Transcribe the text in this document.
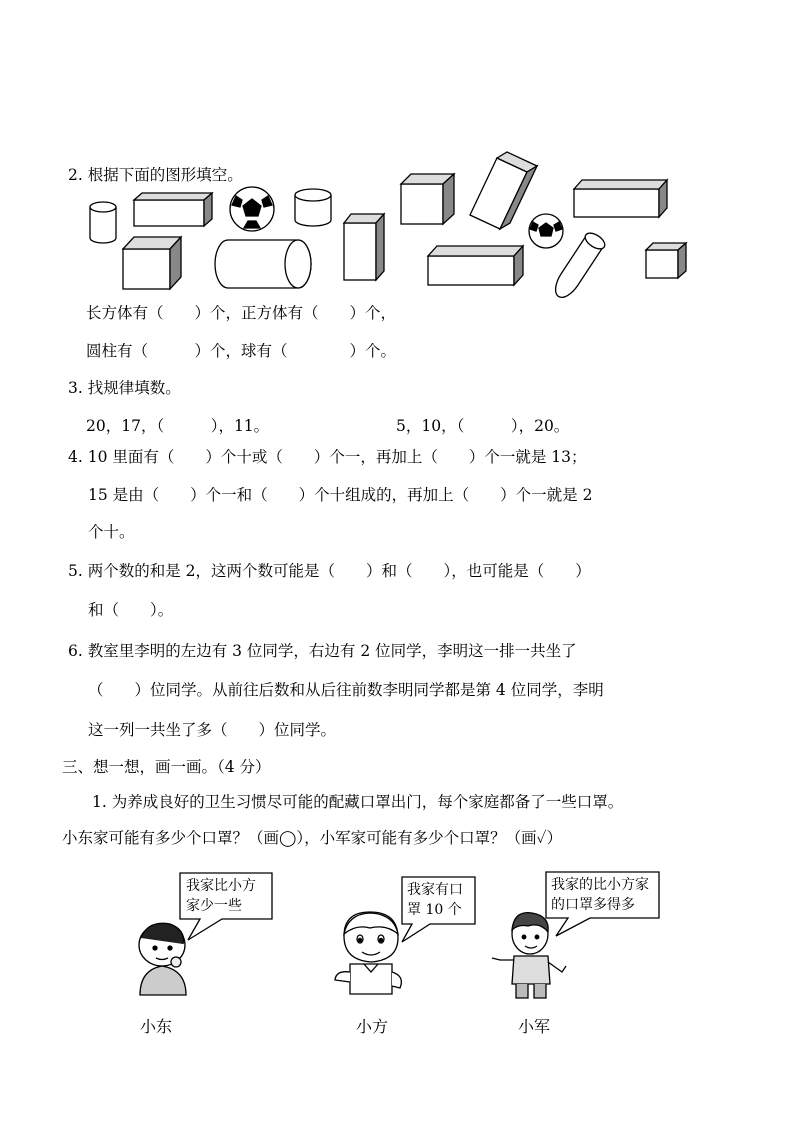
2. 根据下面的图形填空。
长方体有（　　）个，正方体有（　　）个，
圆柱有（　　　）个，球有（　　　　）个。
3. 找规律填数。
20，17，（　　　），11。	5，10，（　　　），20。
4. 10 里面有（　　）个十或（　　）个一，再加上（　　）个一就是 13；
15 是由（　　）个一和（　　）个十组成的，再加上（　　）个一就是 2
个十。
5. 两个数的和是 2，这两个数可能是（　　）和（　　），也可能是（　　）
和（　　）。
6. 教室里李明的左边有 3 位同学，右边有 2 位同学，李明这一排一共坐了
（　　）位同学。从前往后数和从后往前数李明同学都是第 4 位同学，李明
这一列一共坐了多（　　）位同学。
三、想一想，画一画。（4 分）
1. 为养成良好的卫生习惯尽可能的配藏口罩出门，每个家庭都备了一些口罩。
小东家可能有多少个口罩？（画◯），小军家可能有多少个口罩？（画✓）
我家比小方
家少一些
我家有口
罩 10 个
我家的比小方家
的口罩多得多
小东	小方	小军
